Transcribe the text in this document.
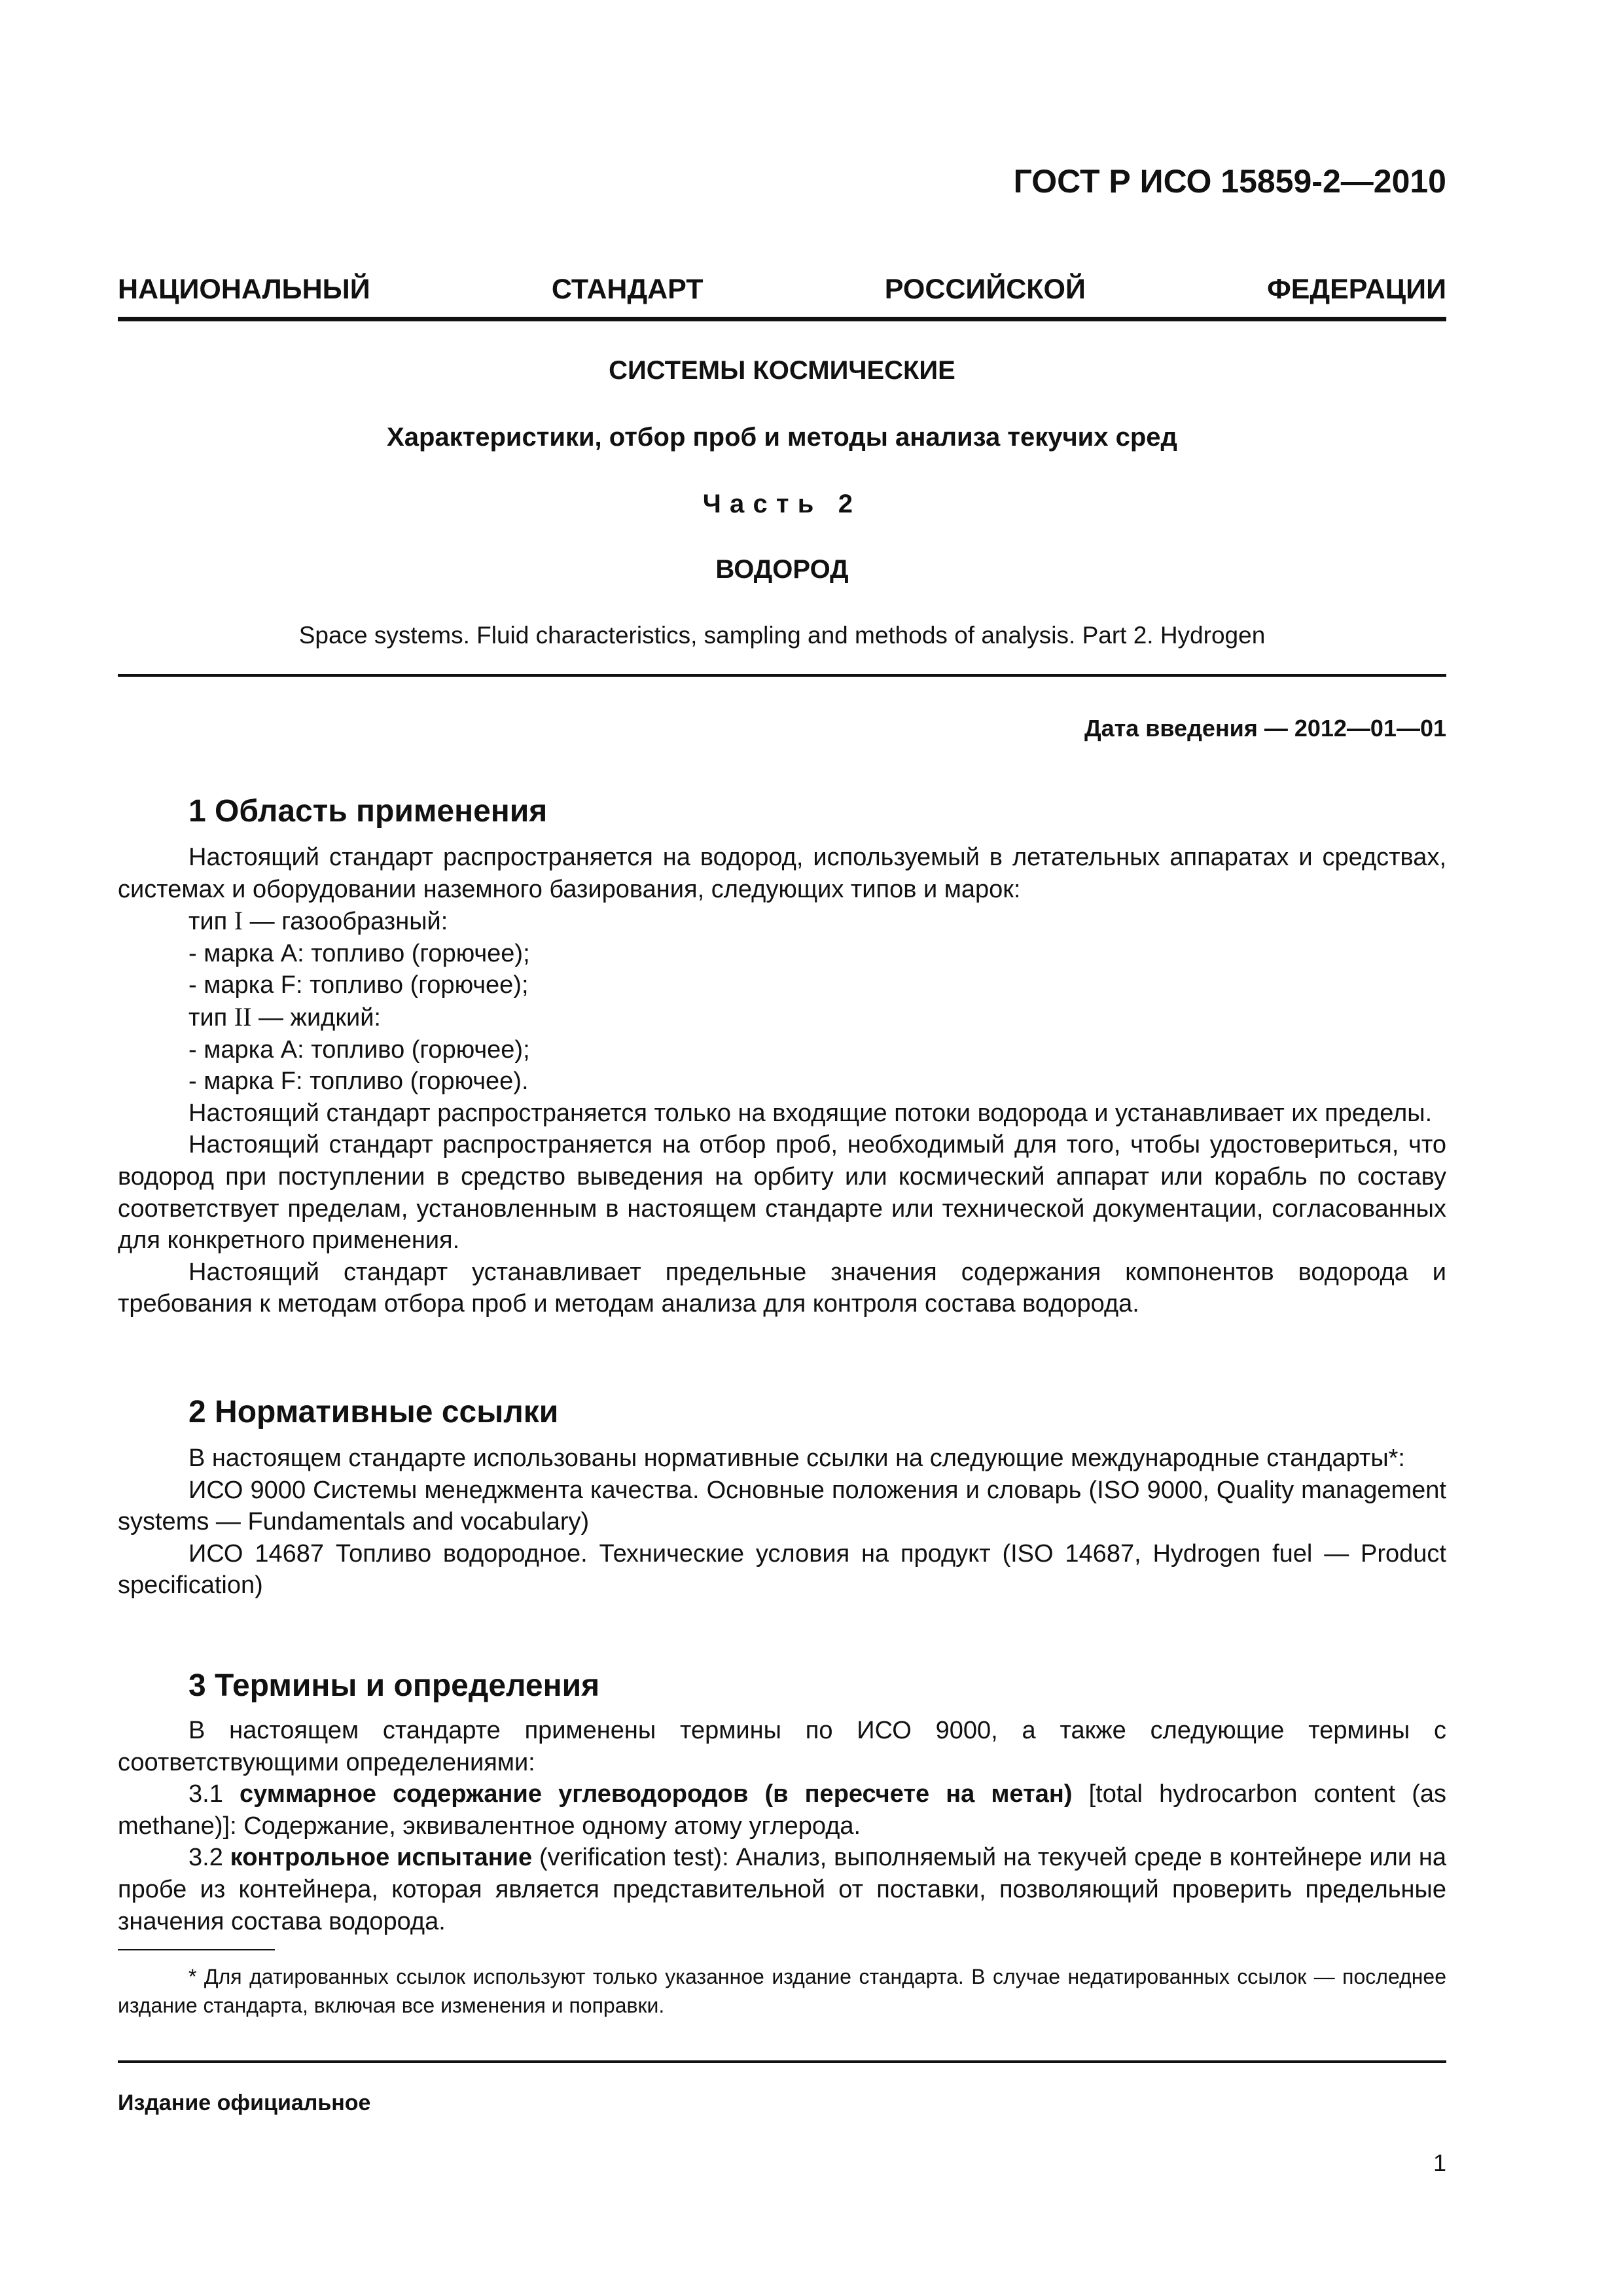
ГОСТ Р ИСО 15859-2—2010
НАЦИОНАЛЬНЫЙ	СТАНДАРТ	РОССИЙСКОЙ	ФЕДЕРАЦИИ
СИСТЕМЫ КОСМИЧЕСКИЕ
Характеристики, отбор проб и методы анализа текучих сред
Часть 2
ВОДОРОД
Space systems. Fluid characteristics, sampling and methods of analysis. Part 2. Hydrogen
Дата введения — 2012—01—01
1 Область применения

Настоящий стандарт распространяется на водород, используемый в летательных аппаратах и средствах, системах и оборудовании наземного базирования, следующих типов и марок:

тип I — газообразный:

- марка А: топливо (горючее);

- марка F: топливо (горючее);

тип II — жидкий:

- марка А: топливо (горючее);

- марка F: топливо (горючее).

Настоящий стандарт распространяется только на входящие потоки водорода и устанавливает их пределы.

Настоящий стандарт распространяется на отбор проб, необходимый для того, чтобы удостовериться, что водород при поступлении в средство выведения на орбиту или космический аппарат или корабль по составу соответствует пределам, установленным в настоящем стандарте или технической документации, согласованных для конкретного применения.

Настоящий стандарт устанавливает предельные значения содержания компонентов водорода и требования к методам отбора проб и методам анализа для контроля состава водорода.

2 Нормативные ссылки

В настоящем стандарте использованы нормативные ссылки на следующие международные стандарты*:

ИСО 9000 Системы менеджмента качества. Основные положения и словарь (ISO 9000, Quality management systems — Fundamentals and vocabulary)

ИСО 14687 Топливо водородное. Технические условия на продукт (ISO 14687, Hydrogen fuel — Product specification)

3 Термины и определения

В настоящем стандарте применены термины по ИСО 9000, а также следующие термины с соответствующими определениями:

3.1 суммарное содержание углеводородов (в пересчете на метан) [total hydrocarbon content (as methane)]: Содержание, эквивалентное одному атому углерода.

3.2 контрольное испытание (verification test): Анализ, выполняемый на текучей среде в контейнере или на пробе из контейнера, которая является представительной от поставки, позволяющий проверить предельные значения состава водорода.

* Для датированных ссылок используют только указанное издание стандарта. В случае недатированных ссылок — последнее издание стандарта, включая все изменения и поправки.

Издание официальное
1
